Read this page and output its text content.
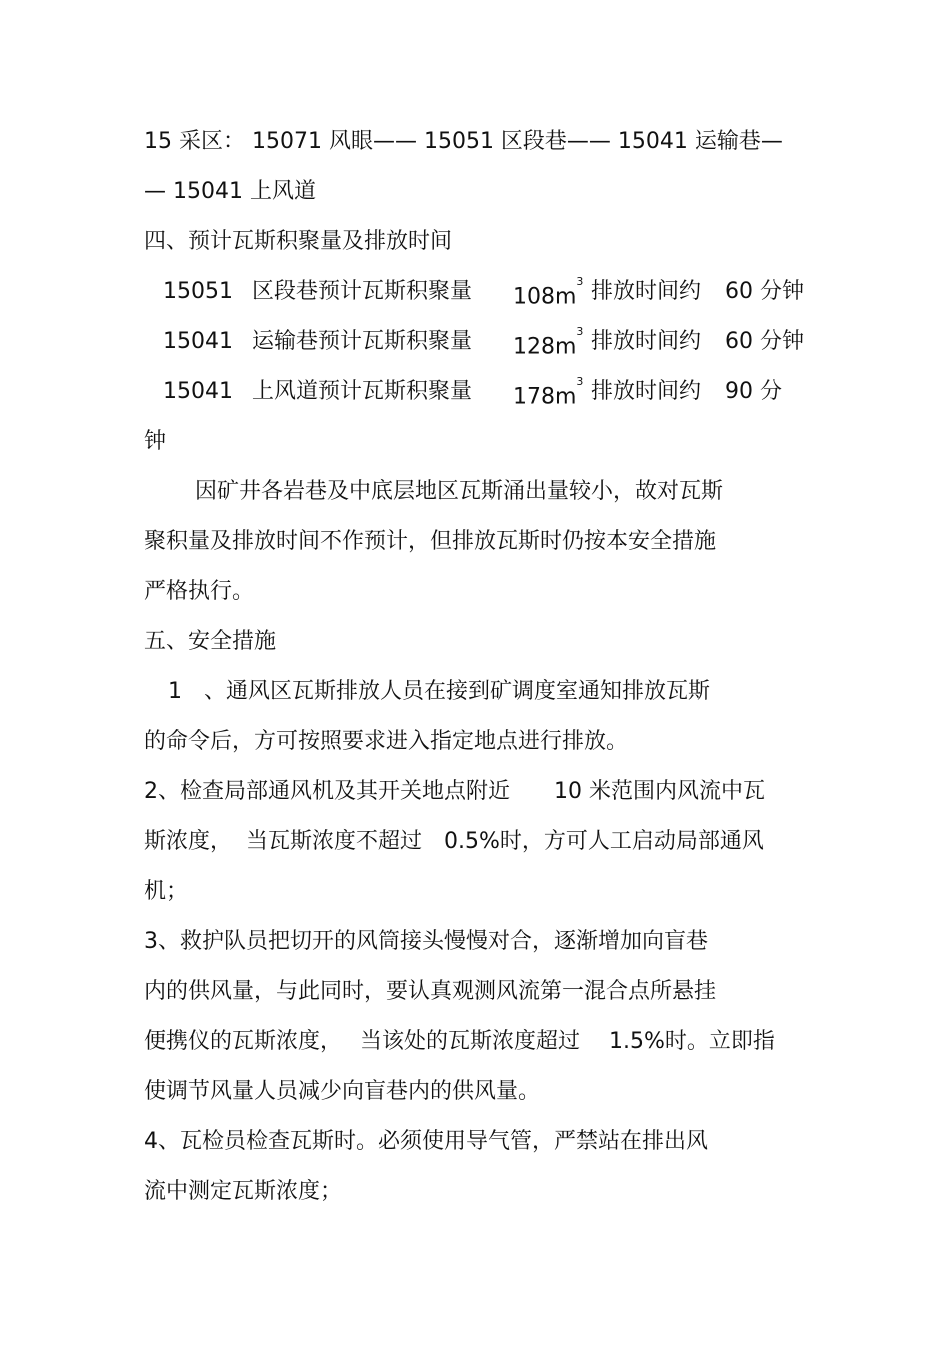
15 采区： 15071 风眼—— 15051 区段巷—— 15041 运输巷—

— 15041 上风道

四、预计瓦斯积聚量及排放时间

15051 区段巷预计瓦斯积聚量 $108m^3$ 排放时间约 60 分钟
15041 运输巷预计瓦斯积聚量 $128m^3$ 排放时间约 60 分钟
15041 上风道预计瓦斯积聚量 $178m^3$ 排放时间约 90 分

钟

因矿井各岩巷及中底层地区瓦斯涌出量较小，故对瓦斯

聚积量及排放时间不作预计，但排放瓦斯时仍按本安全措施

严格执行。

五、安全措施

1　、通风区瓦斯排放人员在接到矿调度室通知排放瓦斯

的命令后，方可按照要求进入指定地点进行排放。

2、检查局部通风机及其开关地点附近　　10 米范围内风流中瓦

斯浓度，  当瓦斯浓度不超过　0.5%时，方可人工启动局部通风

机；

3、救护队员把切开的风筒接头慢慢对合，逐渐增加向盲巷

内的供风量，与此同时，要认真观测风流第一混合点所悬挂

便携仪的瓦斯浓度，　 当该处的瓦斯浓度超过　 1.5%时。立即指

使调节风量人员减少向盲巷内的供风量。

4、瓦检员检查瓦斯时。必须使用导气管，严禁站在排出风

流中测定瓦斯浓度；
